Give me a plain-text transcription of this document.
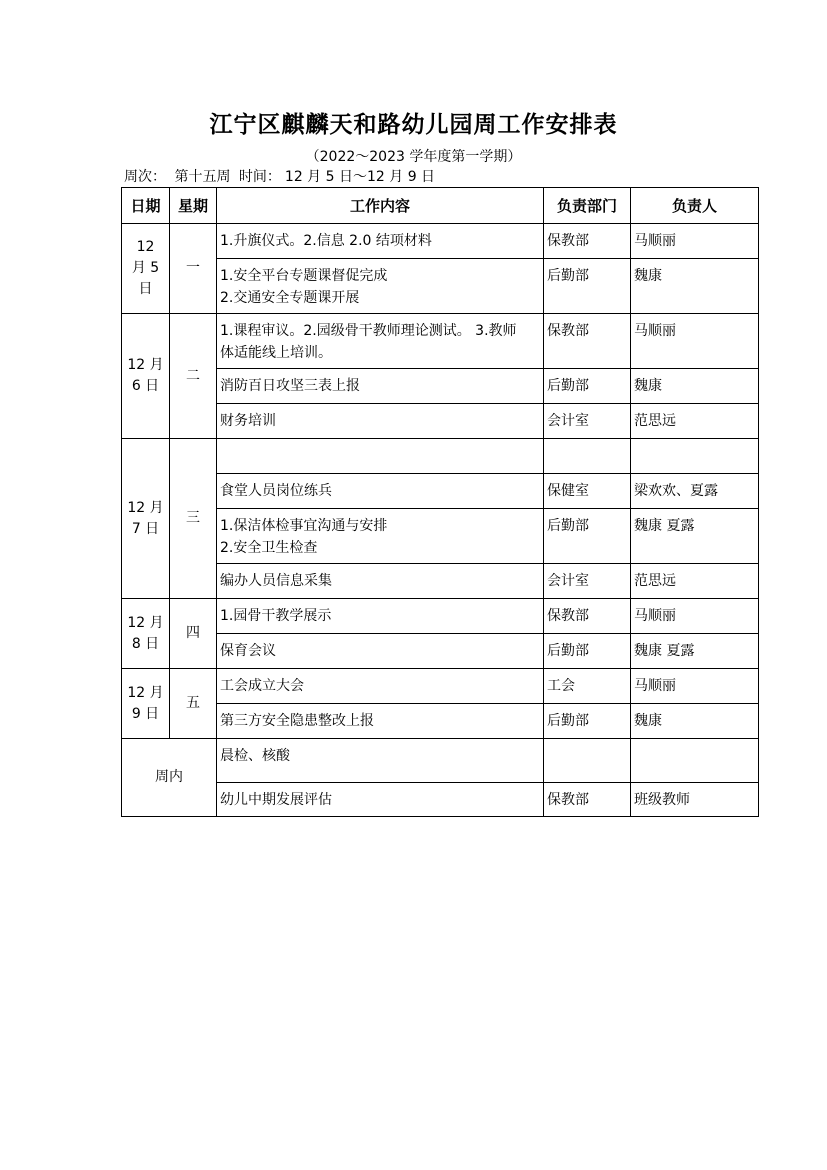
江宁区麒麟天和路幼儿园周工作安排表
（2022～2023 学年度第一学期）
周次： 第十五周 时间： 12 月 5 日～12 月 9 日
日期	星期	工作内容	负责部门	负责人

12
月 5
日	一	1.升旗仪式。2.信息 2.0 结项材料	保教部	马顺丽

		1.安全平台专题课督促完成
2.交通安全专题课开展	后勤部	魏康

12 月
6 日	二	1.课程审议。2.园级骨干教师理论测试。 3.教师
体适能线上培训。	保教部	马顺丽

		消防百日攻坚三表上报	后勤部	魏康

		财务培训	会计室	范思远

12 月
7 日	三	

		食堂人员岗位练兵	保健室	梁欢欢、夏露

		1.保洁体检事宜沟通与安排
2.安全卫生检查	后勤部	魏康 夏露

		编办人员信息采集	会计室	范思远

12 月
8 日	四	1.园骨干教学展示	保教部	马顺丽

		保育会议	后勤部	魏康 夏露

12 月
9 日	五	工会成立大会	工会	马顺丽

		第三方安全隐患整改上报	后勤部	魏康
周内		晨检、核酸		

		幼儿中期发展评估	保教部	班级教师
